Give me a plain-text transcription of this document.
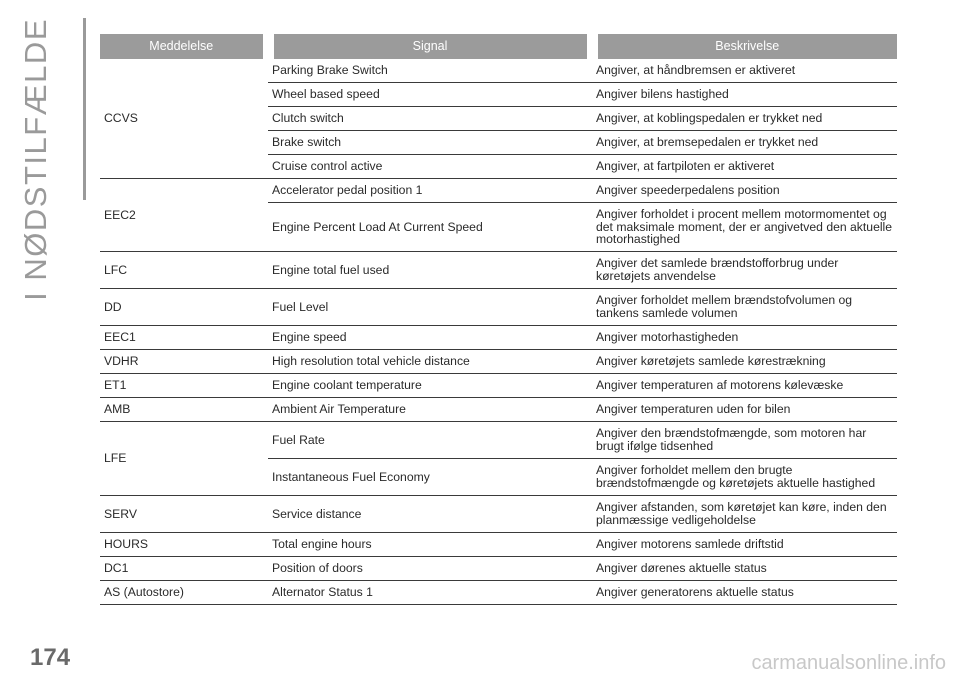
I NØDSTILFÆLDE	Meddelelse	Signal	Beskrivelse
CCVS	Parking Brake Switch	Angiver, at håndbremsen er aktiveret
	Wheel based speed	Angiver bilens hastighed
	Clutch switch	Angiver, at koblingspedalen er trykket ned
	Brake switch	Angiver, at bremsepedalen er trykket ned
	Cruise control active	Angiver, at fartpiloten er aktiveret
EEC2	Accelerator pedal position 1	Angiver speederpedalens position
	Engine Percent Load At Current Speed	Angiver forholdet i procent mellem motormomentet og det maksimale moment, der er angivetved den aktuelle motorhastighed
LFC	Engine total fuel used	Angiver det samlede brændstofforbrug under køretøjets anvendelse
DD	Fuel Level	Angiver forholdet mellem brændstofvolumen og tankens samlede volumen
EEC1	Engine speed	Angiver motorhastigheden
VDHR	High resolution total vehicle distance	Angiver køretøjets samlede kørestrækning
ET1	Engine coolant temperature	Angiver temperaturen af motorens kølevæske
AMB	Ambient Air Temperature	Angiver temperaturen uden for bilen
LFE	Fuel Rate	Angiver den brændstofmængde, som motoren har brugt ifølge tidsenhed
	Instantaneous Fuel Economy	Angiver forholdet mellem den brugte brændstofmængde og køretøjets aktuelle hastighed
SERV	Service distance	Angiver afstanden, som køretøjet kan køre, inden den planmæssige vedligeholdelse
HOURS	Total engine hours	Angiver motorens samlede driftstid
DC1	Position of doors	Angiver dørenes aktuelle status
AS (Autostore)	Alternator Status 1	Angiver generatorens aktuelle status
174	carmanualsonline.info
